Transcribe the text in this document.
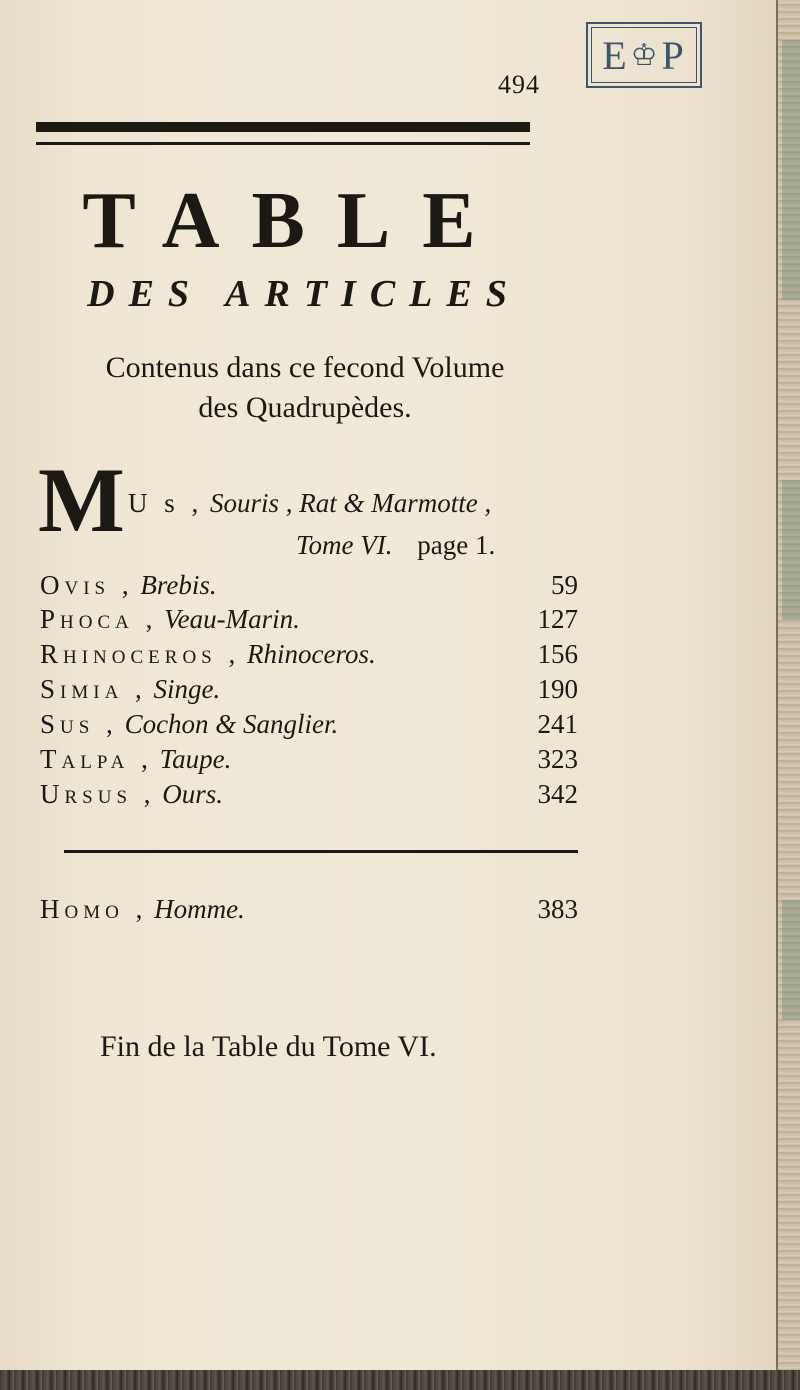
E ♔ P
494
TABLE
DES ARTICLES
Contenus dans ce fecond Volume
des Quadrupèdes.
M U s , Souris , Rat & Marmotte ,
Tome VI. page 1.
Ovis , Brebis.	59
Phoca , Veau-Marin.	127
Rhinoceros , Rhinoceros.	156
Simia , Singe.	190
Sus , Cochon & Sanglier.	241
Talpa , Taupe.	323
Ursus , Ours.	342
Homo , Homme.	383
Fin de la Table du Tome VI.
